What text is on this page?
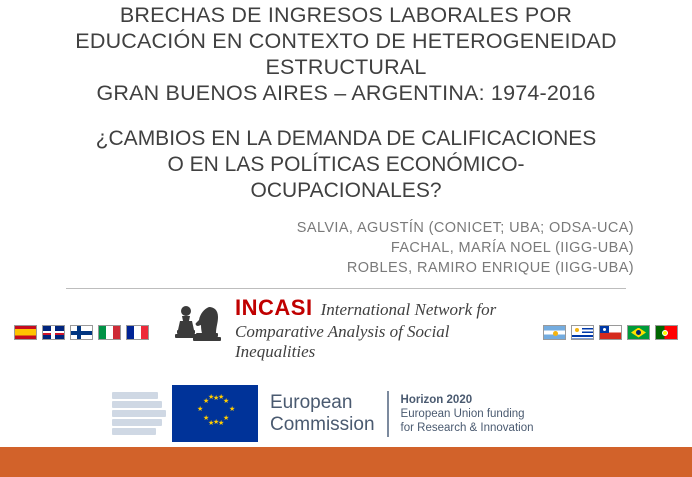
BRECHAS DE INGRESOS LABORALES POR
EDUCACIÓN EN CONTEXTO DE HETEROGENEIDAD
ESTRUCTURAL
GRAN BUENOS AIRES – ARGENTINA: 1974-2016
¿CAMBIOS EN LA DEMANDA DE CALIFICACIONES
O EN LAS POLÍTICAS ECONÓMICO-
OCUPACIONALES?
SALVIA, AGUSTÍN (CONICET; UBA; ODSA-UCA)
FACHAL, MARÍA NOEL (IIGG-UBA)
ROBLES, RAMIRO ENRIQUE (IIGG-UBA)
INCASI International Network for
Comparative Analysis of Social Inequalities
★ ★
★
★
★
★
★
★
★
★
★ ★
European
Commission
Horizon 2020
European Union funding
for Research & Innovation
